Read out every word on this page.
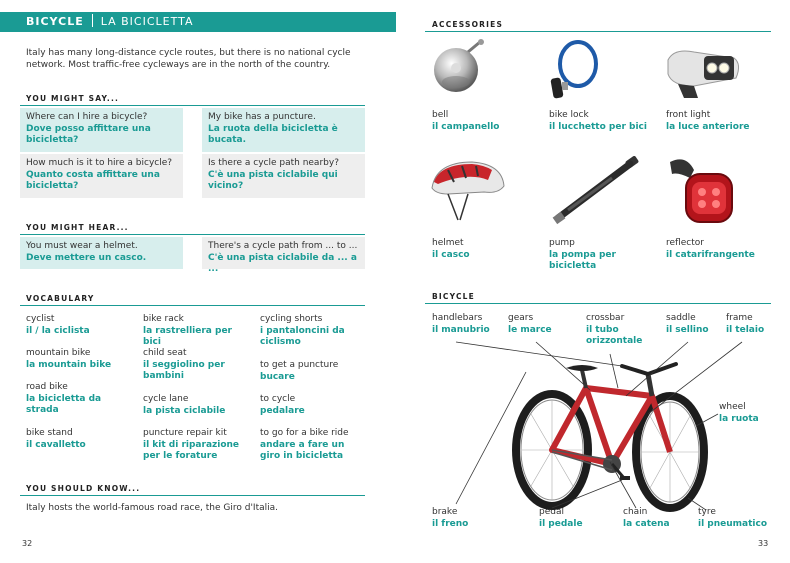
BICYCLE LA BICICLETTA

Italy has many long-distance cycle routes, but there is no national cycle network. Most traffic-free cycleways are in the north of the country.

YOU MIGHT SAY...
Where can I hire a bicycle?
Dove posso affittare una bicicletta?
My bike has a puncture.
La ruota della bicicletta è bucata.
How much is it to hire a bicycle?
Quanto costa affittare una bicicletta?
Is there a cycle path nearby?
C'è una pista ciclabile qui vicino?
YOU MIGHT HEAR...
You must wear a helmet.
Deve mettere un casco.
There's a cycle path from ... to ...
C'è una pista ciclabile da ... a ...
VOCABULARY
cyclist
il / la ciclista
mountain bike
la mountain bike
road bike
la bicicletta da strada
bike stand
il cavalletto
bike rack
la rastrelliera per bici
child seat
il seggiolino per bambini
cycle lane
la pista ciclabile
puncture repair kit
il kit di riparazione per le forature
cycling shorts
i pantaloncini da ciclismo
to get a puncture
bucare
to cycle
pedalare
to go for a bike ride
andare a fare un giro in bicicletta
YOU SHOULD KNOW...
Italy hosts the world-famous road race, the Giro d'Italia.
32
ACCESSORIES
bell
il campanello
bike lock
il lucchetto per bici
front light
la luce anteriore
helmet
il casco
pump
la pompa per bicicletta
reflector
il catarifrangente
BICYCLE
handlebars
il manubrio
gears
le marce
crossbar
il tubo orizzontale
saddle
il sellino
frame
il telaio
wheel
la ruota
brake
il freno
pedal
il pedale
chain
la catena
tyre
il pneumatico
33
